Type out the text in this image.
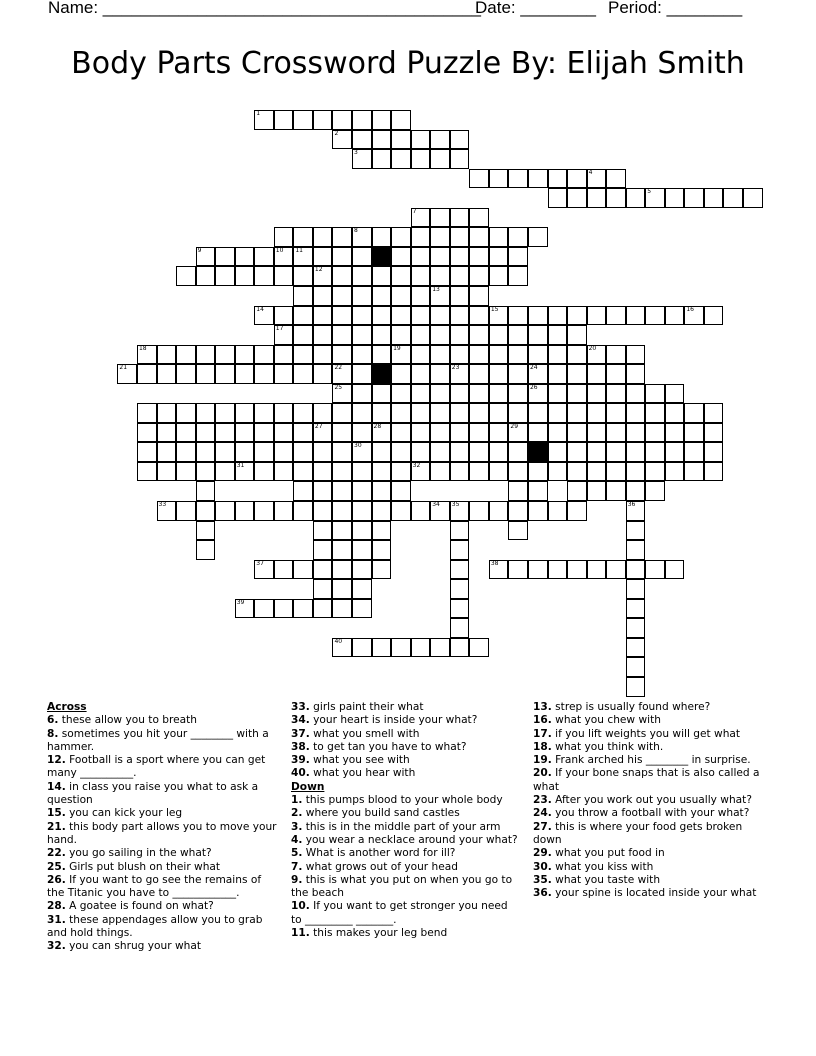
Name: ________________________________________
Date: ________ Period: ________
Body Parts Crossword Puzzle By: Elijah Smith
1
2
3
4
5
7
8
9	10 11
12
13
14	15	16
17
18	19	20
21	22	23	24
25	26
27	28	29
30
31	32
33	34 35	36
37	38
39
40
Across
6. these allow you to breath
8. sometimes you hit your ________ with a hammer.
12. Football is a sport where you can get many __________.
14. in class you raise you what to ask a question
15. you can kick your leg
21. this body part allows you to move your hand.
22. you go sailing in the what?
25. Girls put blush on their what
26. If you want to go see the remains of the Titanic you have to ____________.
28. A goatee is found on what?
31. these appendages allow you to grab and hold things.
32. you can shrug your what
33. girls paint their what
34. your heart is inside your what?
37. what you smell with
38. to get tan you have to what?
39. what you see with
40. what you hear with
Down
1. this pumps blood to your whole body
2. where you build sand castles
3. this is in the middle part of your arm
4. you wear a necklace around your what?
5. What is another word for ill?
7. what grows out of your head
9. this is what you put on when you go to the beach
10. If you want to get stronger you need to _________ _______.
11. this makes your leg bend
13. strep is usually found where?
16. what you chew with
17. if you lift weights you will get what
18. what you think with.
19. Frank arched his ________ in surprise.
20. If your bone snaps that is also called a what
23. After you work out you usually what?
24. you throw a football with your what?
27. this is where your food gets broken down
29. what you put food in
30. what you kiss with
35. what you taste with
36. your spine is located inside your what
